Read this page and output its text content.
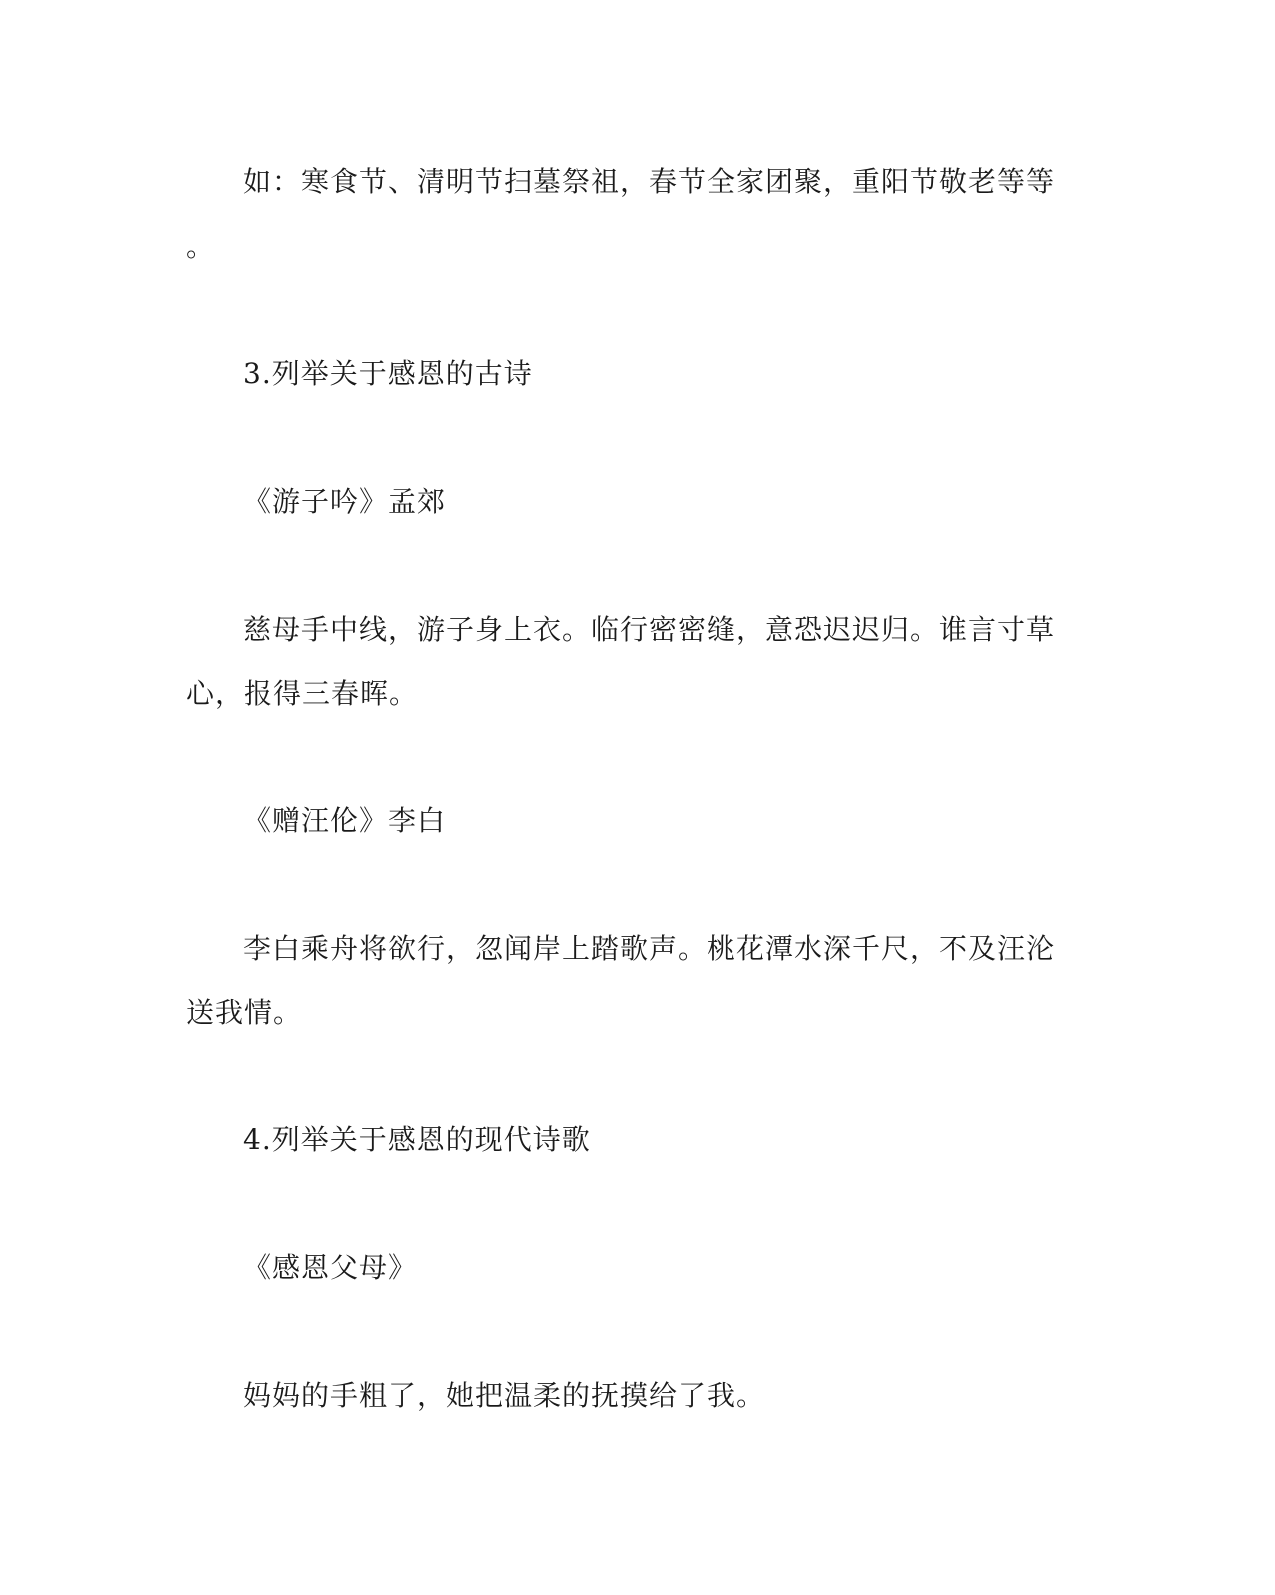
如：寒食节、清明节扫墓祭祖，春节全家团聚，重阳节敬老等等
。
3.列举关于感恩的古诗
《游子吟》孟郊
慈母手中线，游子身上衣。临行密密缝，意恐迟迟归。谁言寸草
心，报得三春晖。
《赠汪伦》李白
李白乘舟将欲行，忽闻岸上踏歌声。桃花潭水深千尺，不及汪沦
送我情。
4.列举关于感恩的现代诗歌
《感恩父母》
妈妈的手粗了，她把温柔的抚摸给了我。
